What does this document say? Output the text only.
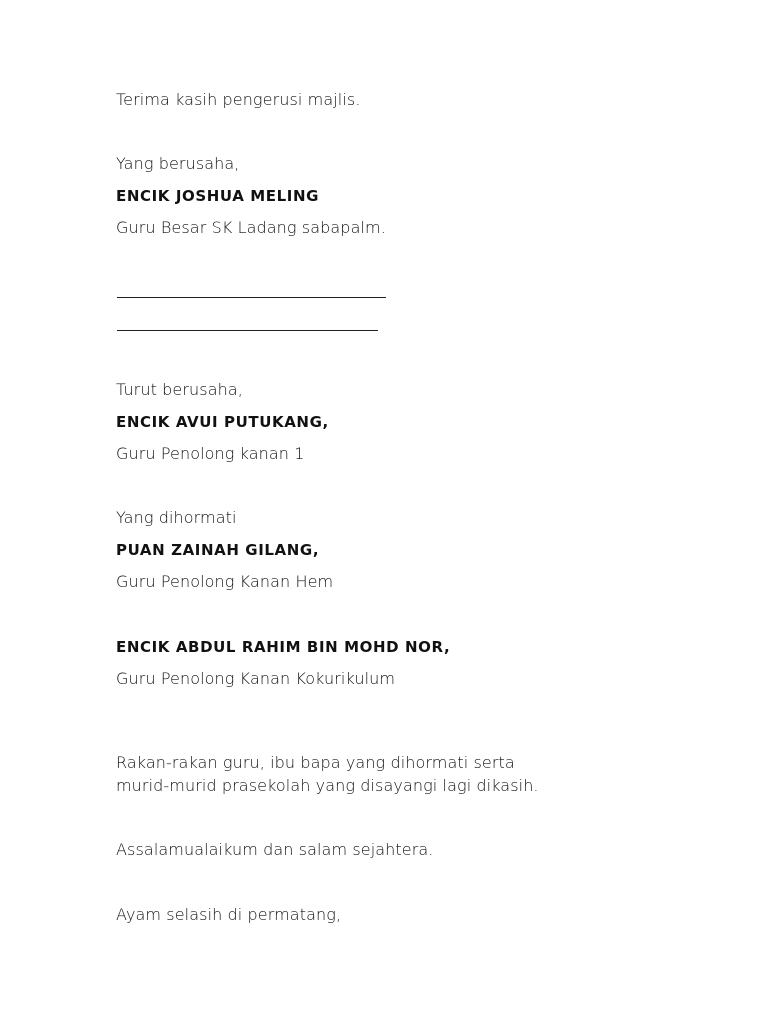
Terima kasih pengerusi majlis.
Yang berusaha,
ENCIK JOSHUA MELING
Guru Besar SK Ladang sabapalm.
Turut berusaha,
ENCIK AVUI PUTUKANG,
Guru Penolong kanan 1
Yang dihormati
PUAN ZAINAH GILANG,
Guru Penolong Kanan Hem
ENCIK ABDUL RAHIM BIN MOHD NOR,
Guru Penolong Kanan Kokurikulum
Rakan-rakan guru, ibu bapa yang dihormati serta
murid-murid prasekolah yang disayangi lagi dikasih.
Assalamualaikum dan salam sejahtera.
Ayam selasih di permatang,
